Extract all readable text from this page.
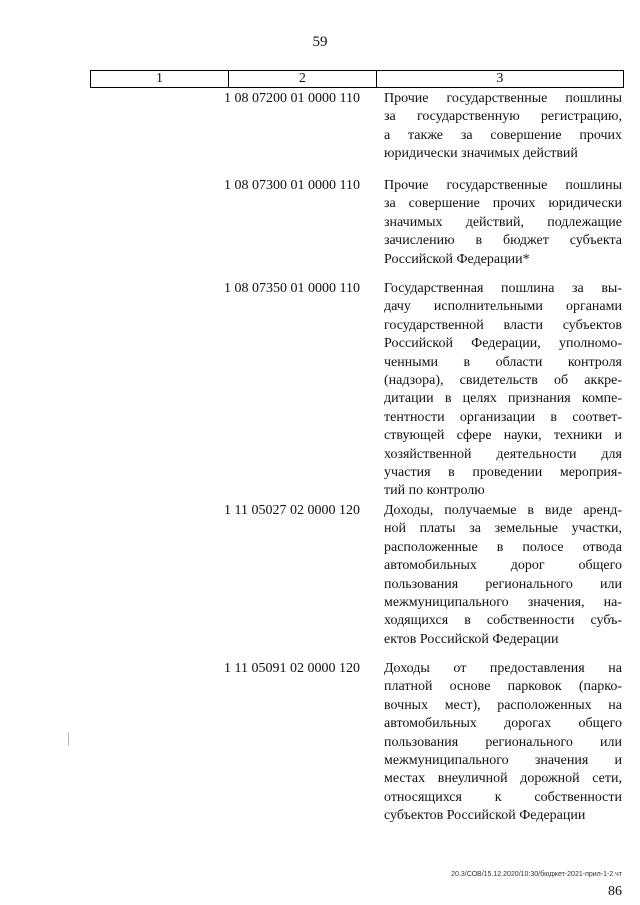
59
1	2	3
1 08 07200 01 0000 110	Прочие государственные пошлины
за государственную регистрацию,
а также за совершение прочих
юридически значимых действий
1 08 07300 01 0000 110	Прочие государственные пошлины
за совершение прочих юридически
значимых действий, подлежащие
зачислению в бюджет субъекта
Российской Федерации*
1 08 07350 01 0000 110	Государственная пошлина за вы-
дачу исполнительными органами
государственной власти субъектов
Российской Федерации, уполномо-
ченными в области контроля
(надзора), свидетельств об аккре-
дитации в целях признания компе-
тентности организации в соответ-
ствующей сфере науки, техники и
хозяйственной деятельности для
участия в проведении мероприя-
тий по контролю
1 11 05027 02 0000 120	Доходы, получаемые в виде аренд-
ной платы за земельные участки,
расположенные в полосе отвода
автомобильных дорог общего
пользования регионального или
межмуниципального значения, на-
ходящихся в собственности субъ-
ектов Российской Федерации
1 11 05091 02 0000 120	Доходы от предоставления на
платной основе парковок (парко-
вочных мест), расположенных на
автомобильных дорогах общего
пользования регионального или
межмуниципального значения и
местах внеуличной дорожной сети,
относящихся к собственности
субъектов Российской Федерации
20.3/СОВ/15.12.2020/10:30/бюджет-2021-прил-1-2 чт
86
